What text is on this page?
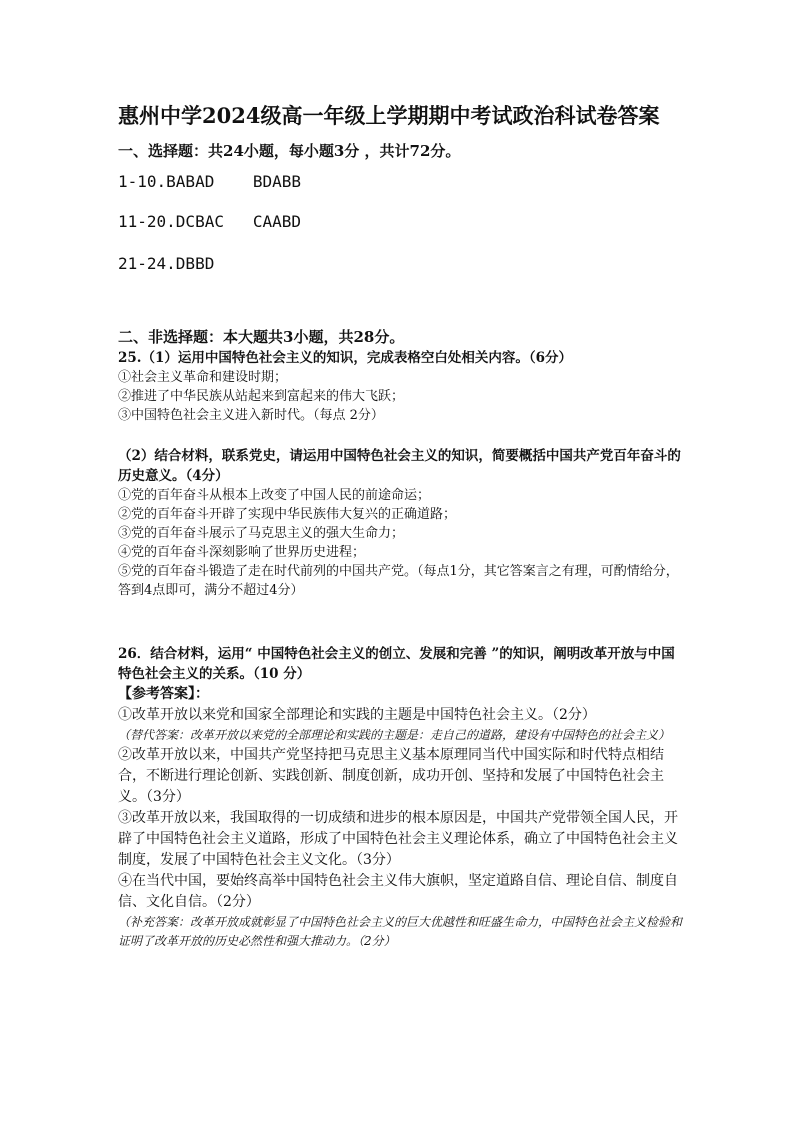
惠州中学2024级高一年级上学期期中考试政治科试卷答案
一、选择题：共24小题，每小题3分 ，共计72分。
1-10.BABAD BDABB
11-20.DCBAC CAABD
21-24.DBBD
二、非选择题：本大题共3小题，共28分。

25.（1）运用中国特色社会主义的知识，完成表格空白处相关内容。（6分）

①社会主义革命和建设时期；

②推进了中华民族从站起来到富起来的伟大飞跃；

③中国特色社会主义进入新时代。（每点 2分）

（2）结合材料，联系党史，请运用中国特色社会主义的知识，简要概括中国共产党百年奋斗的历史意义。（4分）

①党的百年奋斗从根本上改变了中国人民的前途命运；

②党的百年奋斗开辟了实现中华民族伟大复兴的正确道路；

③党的百年奋斗展示了马克思主义的强大生命力；

④党的百年奋斗深刻影响了世界历史进程；

⑤党的百年奋斗锻造了走在时代前列的中国共产党。（每点1分，其它答案言之有理，可酌情给分，答到4点即可，满分不超过4分）

26．结合材料，运用“ 中国特色社会主义的创立、发展和完善 ”的知识，阐明改革开放与中国特色社会主义的关系。（10 分）

【参考答案】：①改革开放以来党和国家全部理论和实践的主题是中国特色社会主义。（2分）

（替代答案：改革开放以来党的全部理论和实践的主题是：走自己的道路，建设有中国特色的社会主义）

②改革开放以来，中国共产党坚持把马克思主义基本原理同当代中国实际和时代特点相结合，不断进行理论创新、实践创新、制度创新，成功开创、坚持和发展了中国特色社会主义。（3分）

③改革开放以来，我国取得的一切成绩和进步的根本原因是，中国共产党带领全国人民，开辟了中国特色社会主义道路，形成了中国特色社会主义理论体系，确立了中国特色社会主义制度，发展了中国特色社会主义文化。（3分）

④在当代中国，要始终高举中国特色社会主义伟大旗帜，坚定道路自信、理论自信、制度自信、文化自信。（2分）

（补充答案：改革开放成就彰显了中国特色社会主义的巨大优越性和旺盛生命力，中国特色社会主义检验和证明了改革开放的历史必然性和强大推动力。（2分）
